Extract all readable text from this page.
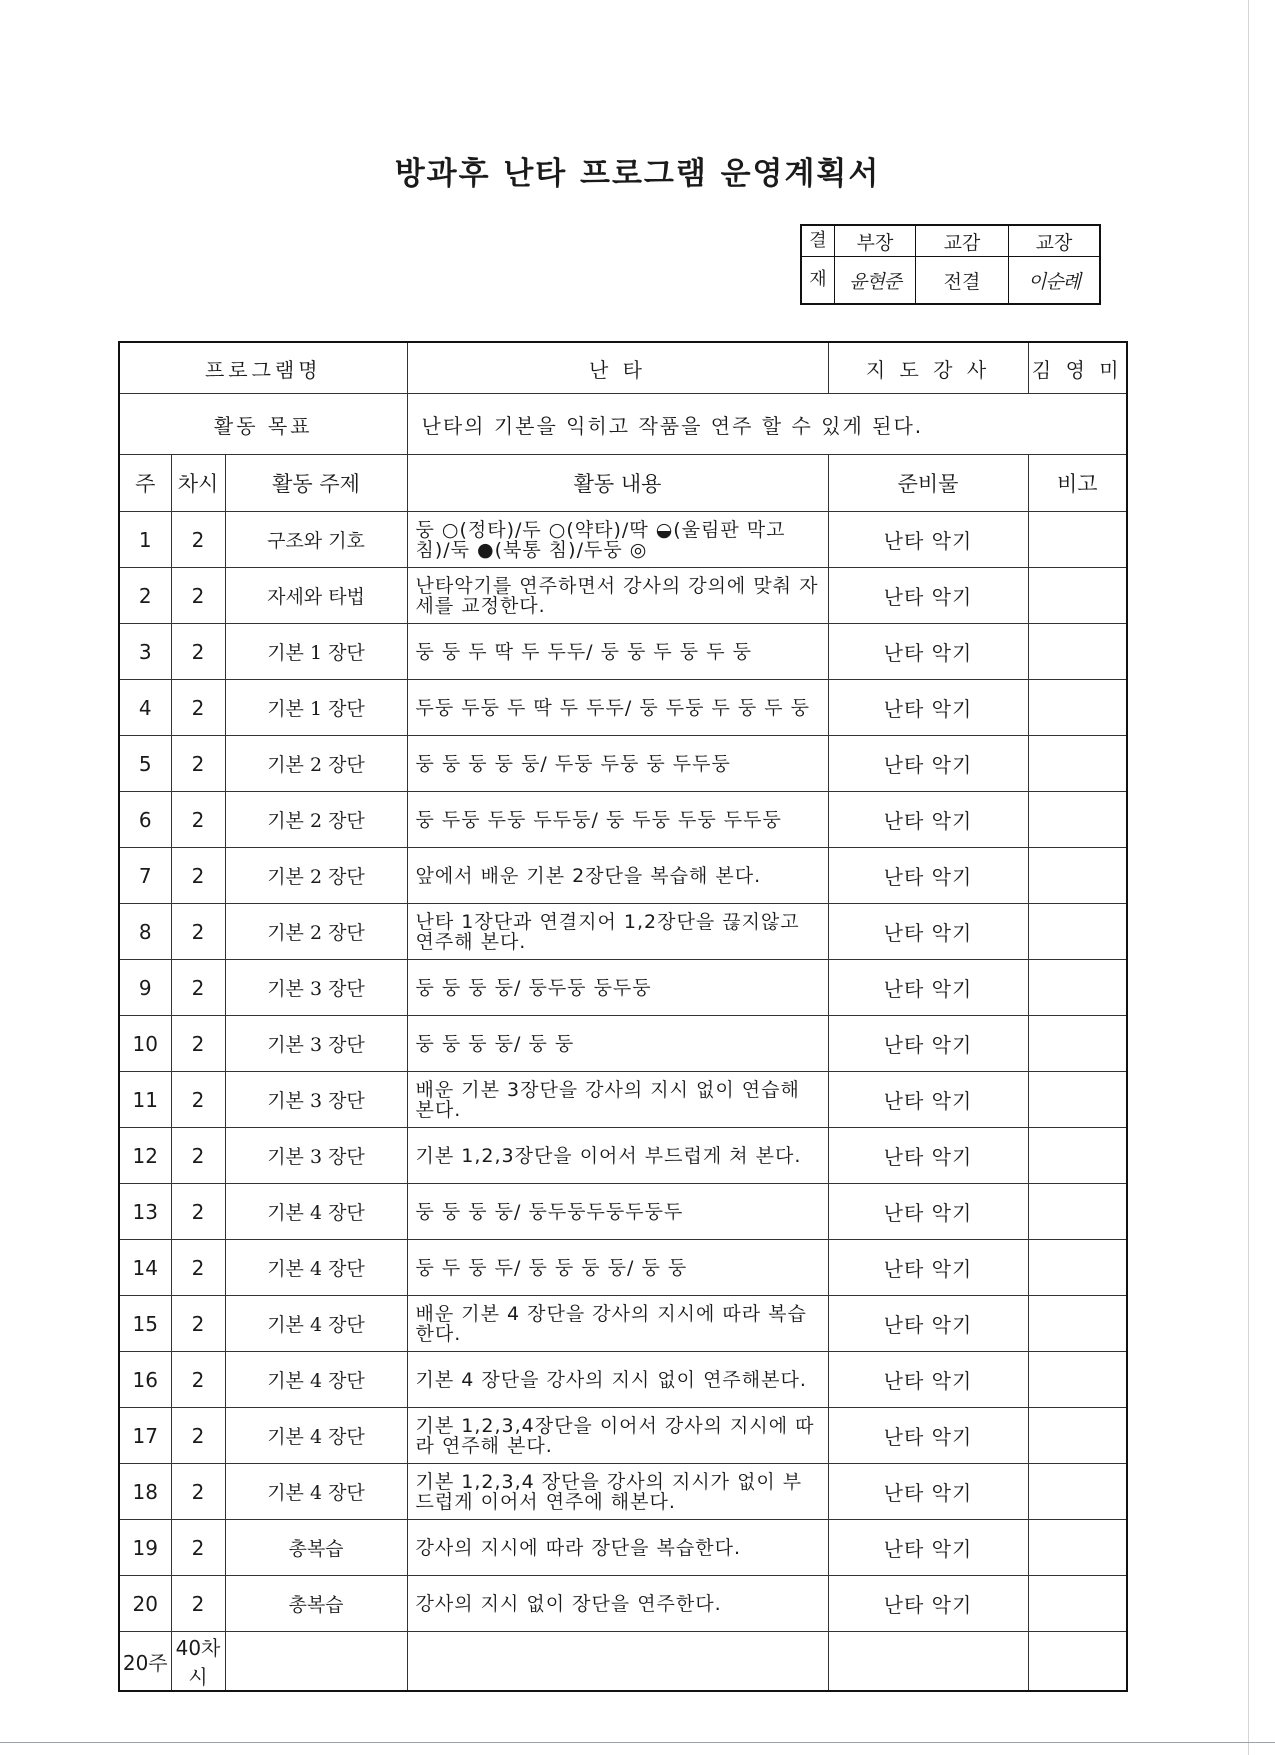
방과후 난타 프로그램 운영계획서
결	부장	교감	교장
재	윤현준	전결	이순례
프로그램명			난 타	지 도 강 사	김 영 미
활동 목표			난타의 기본을 익히고 작품을 연주 할 수 있게 된다.		
주	차시	활동 주제	활동 내용	준비물	비고
1	2	구조와 기호	둥 ○(정타)/두 ○(약타)/딱 ◒(울림판 막고 침)/둑 ●(북통 침)/두둥 ◎	난타 악기	
2	2	자세와 타법	난타악기를 연주하면서 강사의 강의에 맞춰 자세를 교정한다.	난타 악기	
3	2	기본 1 장단	둥 둥 두 딱 두 두두/ 둥 둥 두 둥 두 둥	난타 악기	
4	2	기본 1 장단	두둥 두둥 두 딱 두 두두/ 둥 두둥 두 둥 두 둥	난타 악기	
5	2	기본 2 장단	둥 둥 둥 둥 둥/ 두둥 두둥 둥 두두둥	난타 악기	
6	2	기본 2 장단	둥 두둥 두둥 두두둥/ 둥 두둥 두둥 두두둥	난타 악기	
7	2	기본 2 장단	앞에서 배운 기본 2장단을 복습해 본다.	난타 악기	
8	2	기본 2 장단	난타 1장단과 연결지어 1,2장단을 끊지않고 연주해 본다.	난타 악기	
9	2	기본 3 장단	둥 둥 둥 둥/ 둥두둥 둥두둥	난타 악기	
10	2	기본 3 장단	둥 둥 둥 둥/ 둥 둥	난타 악기	
11	2	기본 3 장단	배운 기본 3장단을 강사의 지시 없이 연습해 본다.	난타 악기	
12	2	기본 3 장단	기본 1,2,3장단을 이어서 부드럽게 쳐 본다.	난타 악기	
13	2	기본 4 장단	둥 둥 둥 둥/ 둥두둥두둥두둥두	난타 악기	
14	2	기본 4 장단	둥 두 둥 두/ 둥 둥 둥 둥/ 둥 둥	난타 악기	
15	2	기본 4 장단	배운 기본 4 장단을 강사의 지시에 따라 복습한다.	난타 악기	
16	2	기본 4 장단	기본 4 장단을 강사의 지시 없이 연주해본다.	난타 악기	
17	2	기본 4 장단	기본 1,2,3,4장단을 이어서 강사의 지시에 따라 연주해 본다.	난타 악기	
18	2	기본 4 장단	기본 1,2,3,4 장단을 강사의 지시가 없이 부드럽게 이어서 연주에 해본다.	난타 악기	
19	2	총복습	강사의 지시에 따라 장단을 복습한다.	난타 악기	
20	2	총복습	강사의 지시 없이 장단을 연주한다.	난타 악기	
20주	40차시				
